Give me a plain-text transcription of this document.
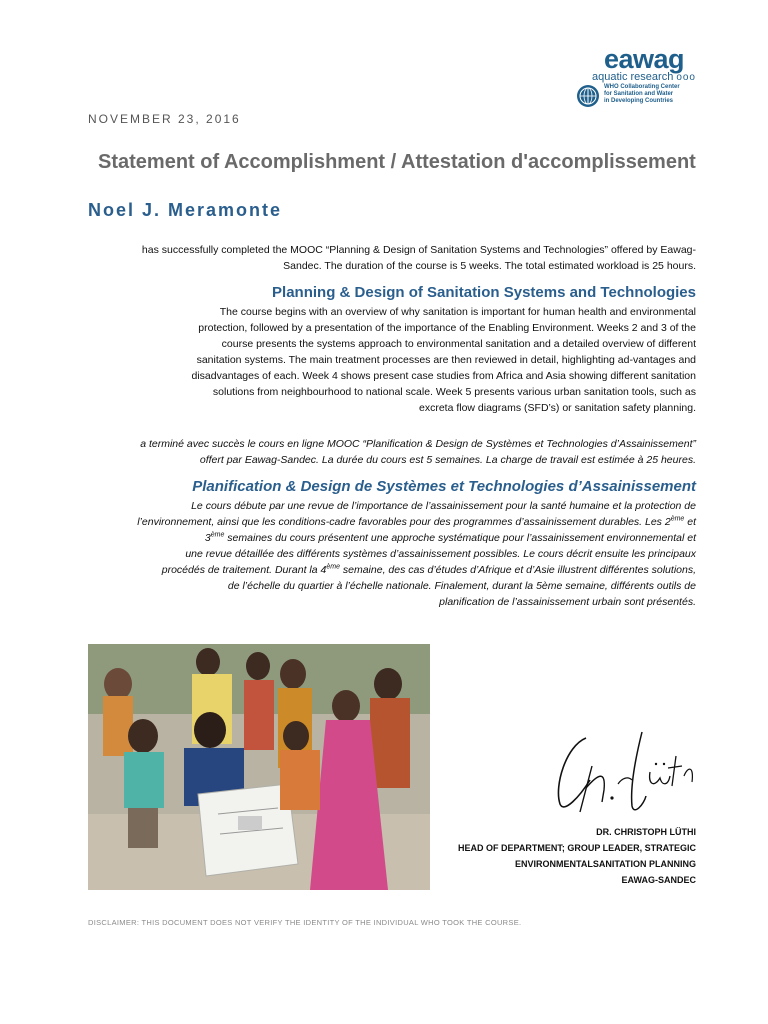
eawag
aquatic research ooo
WHO Collaborating Center
for Sanitation and Water
in Developing Countries
NOVEMBER 23, 2016
Statement of Accomplishment / Attestation d'accomplissement
Noel J. Meramonte

has successfully completed the MOOC “Planning & Design of Sanitation Systems and Technologies” offered by Eawag-

Sandec. The duration of the course is 5 weeks. The total estimated workload is 25 hours.

Planning & Design of Sanitation Systems and Technologies

The course begins with an overview of why sanitation is important for human health and environmental

protection, followed by a presentation of the importance of the Enabling Environment. Weeks 2 and 3 of the

course presents the systems approach to environmental sanitation and a detailed overview of different

sanitation systems. The main treatment processes are then reviewed in detail, highlighting ad-vantages and

disadvantages of each. Week 4 shows present case studies from Africa and Asia showing different sanitation

solutions from neighbourhood to national scale. Week 5 presents various urban sanitation tools, such as

excreta flow diagrams (SFD’s) or sanitation safety planning.

a terminé avec succès le cours en ligne MOOC “Planification & Design de Systèmes et Technologies d’Assainissement”

offert par Eawag-Sandec. La durée du cours est 5 semaines. La charge de travail est estimée à 25 heures.

Planification & Design de Systèmes et Technologies d’Assainissement

Le cours débute par une revue de l’importance de l’assainissement pour la santé humaine et la protection de

l’environnement, ainsi que les conditions-cadre favorables pour des programmes d’assainissement durables. Les 2ème et

3ème semaines du cours présentent une approche systématique pour l’assainissement environnemental et

une revue détaillée des différents systèmes d’assainissement possibles. Le cours décrit ensuite les principaux

procédés de traitement. Durant la 4ème semaine, des cas d’études d’Afrique et d’Asie illustrent différentes solutions,

de l’échelle du quartier à l’échelle nationale. Finalement, durant la 5ème semaine, différents outils de

planification de l’assainissement urbain sont présentés.

DR. CHRISTOPH LÜTHI
HEAD OF DEPARTMENT; GROUP LEADER, STRATEGIC
ENVIRONMENTALSANITATION PLANNING
EAWAG-SANDEC
DISCLAIMER: THIS DOCUMENT DOES NOT VERIFY THE IDENTITY OF THE INDIVIDUAL WHO TOOK THE COURSE.
